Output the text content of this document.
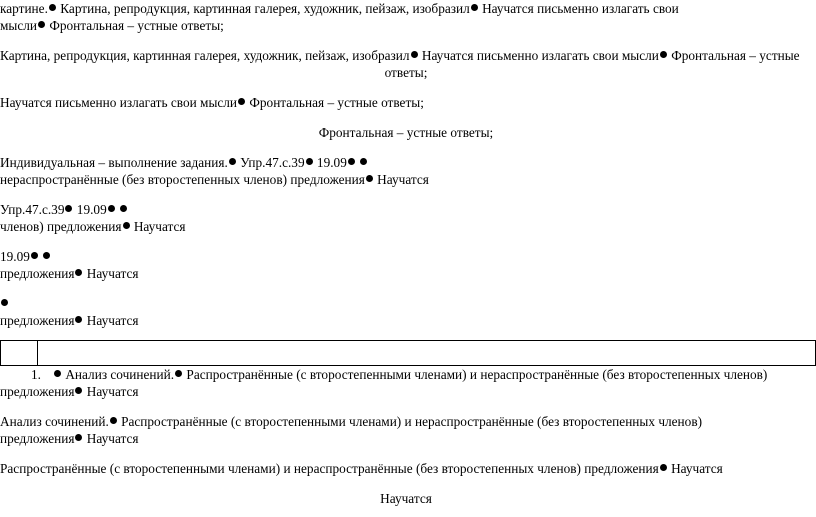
картине. Картина, репродукция, картинная галерея, художник, пейзаж, изобразил Научатся письменно излагать свои
мысли Фронтальная – устные ответы;
Картина, репродукция, картинная галерея, художник, пейзаж, изобразил Научатся письменно излагать свои мысли Фронтальная – устные
ответы;
Научатся письменно излагать свои мысли Фронтальная – устные ответы;
Фронтальная – устные ответы;
Индивидуальная – выполнение задания. Упр.47.с.39 19.09
нераспространённые (без второстепенных членов) предложения Научатся
Упр.47.с.39 19.09
членов) предложения Научатся
19.09
предложения Научатся
предложения Научатся
1. Анализ сочинений. Распространённые (с второстепенными членами) и нераспространённые (без второстепенных членов)
предложения Научатся
Анализ сочинений. Распространённые (с второстепенными членами) и нераспространённые (без второстепенных членов)
предложения Научатся
Распространённые (с второстепенными членами) и нераспространённые (без второстепенных членов) предложения Научатся
Научатся
